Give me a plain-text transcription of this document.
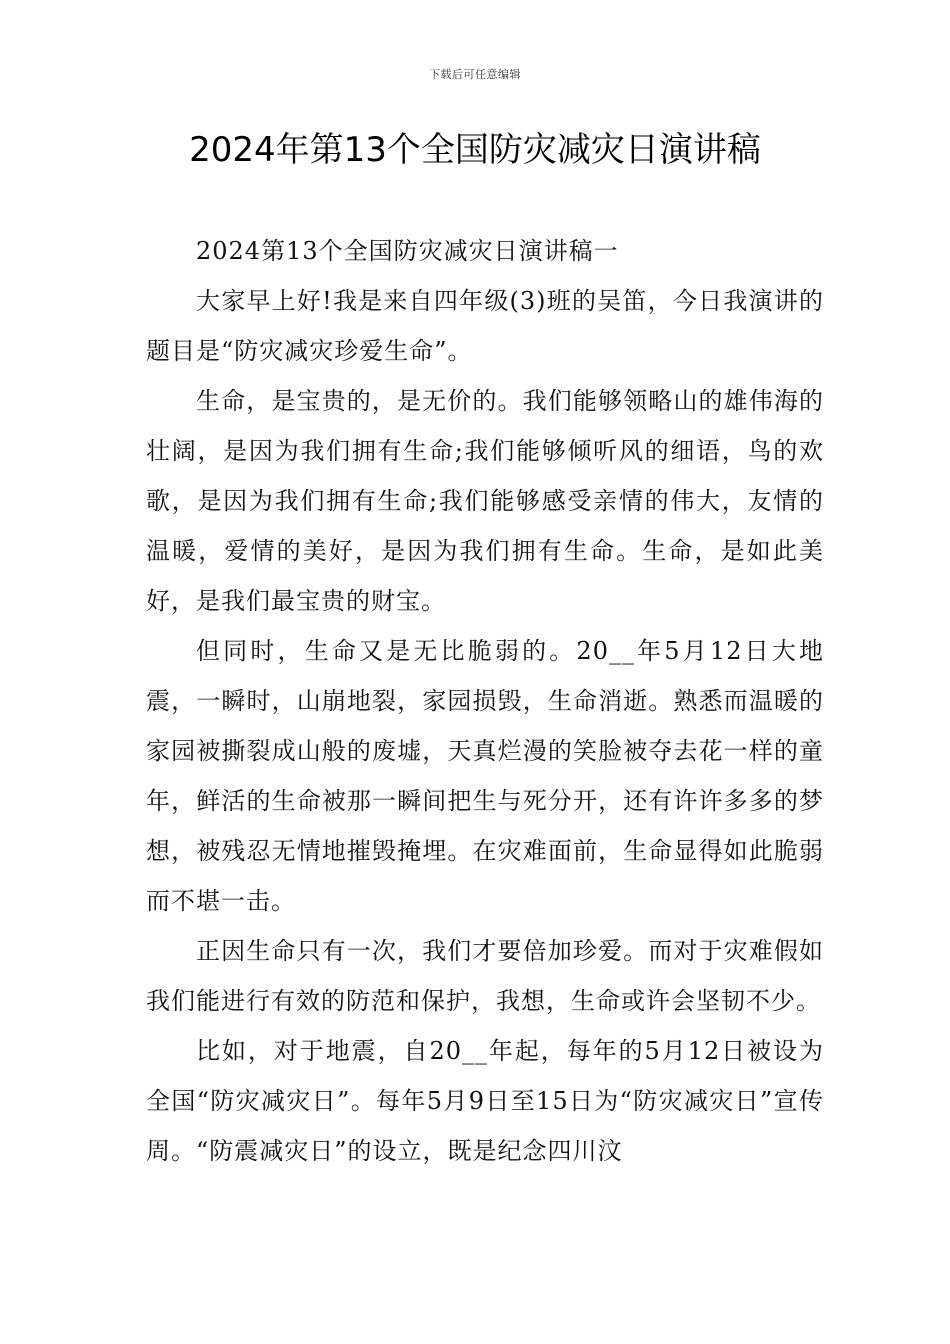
下载后可任意编辑
2024年第13个全国防灾减灾日演讲稿

2024第13个全国防灾减灾日演讲稿一

大家早上好!我是来自四年级(3)班的吴笛，今日我演讲的题目是“防灾减灾珍爱生命”。

生命，是宝贵的，是无价的。我们能够领略山的雄伟海的壮阔，是因为我们拥有生命;我们能够倾听风的细语，鸟的欢歌，是因为我们拥有生命;我们能够感受亲情的伟大，友情的温暖，爱情的美好，是因为我们拥有生命。生命，是如此美好，是我们最宝贵的财宝。

但同时，生命又是无比脆弱的。20__年5月12日大地震，一瞬时，山崩地裂，家园损毁，生命消逝。熟悉而温暖的家园被撕裂成山般的废墟，天真烂漫的笑脸被夺去花一样的童年，鲜活的生命被那一瞬间把生与死分开，还有许许多多的梦想，被残忍无情地摧毁掩埋。在灾难面前，生命显得如此脆弱而不堪一击。

正因生命只有一次，我们才要倍加珍爱。而对于灾难假如我们能进行有效的防范和保护，我想，生命或许会坚韧不少。

比如，对于地震，自20__年起，每年的5月12日被设为全国“防灾减灾日”。每年5月9日至15日为“防灾减灾日”宣传周。“防震减灾日”的设立，既是纪念四川汶
